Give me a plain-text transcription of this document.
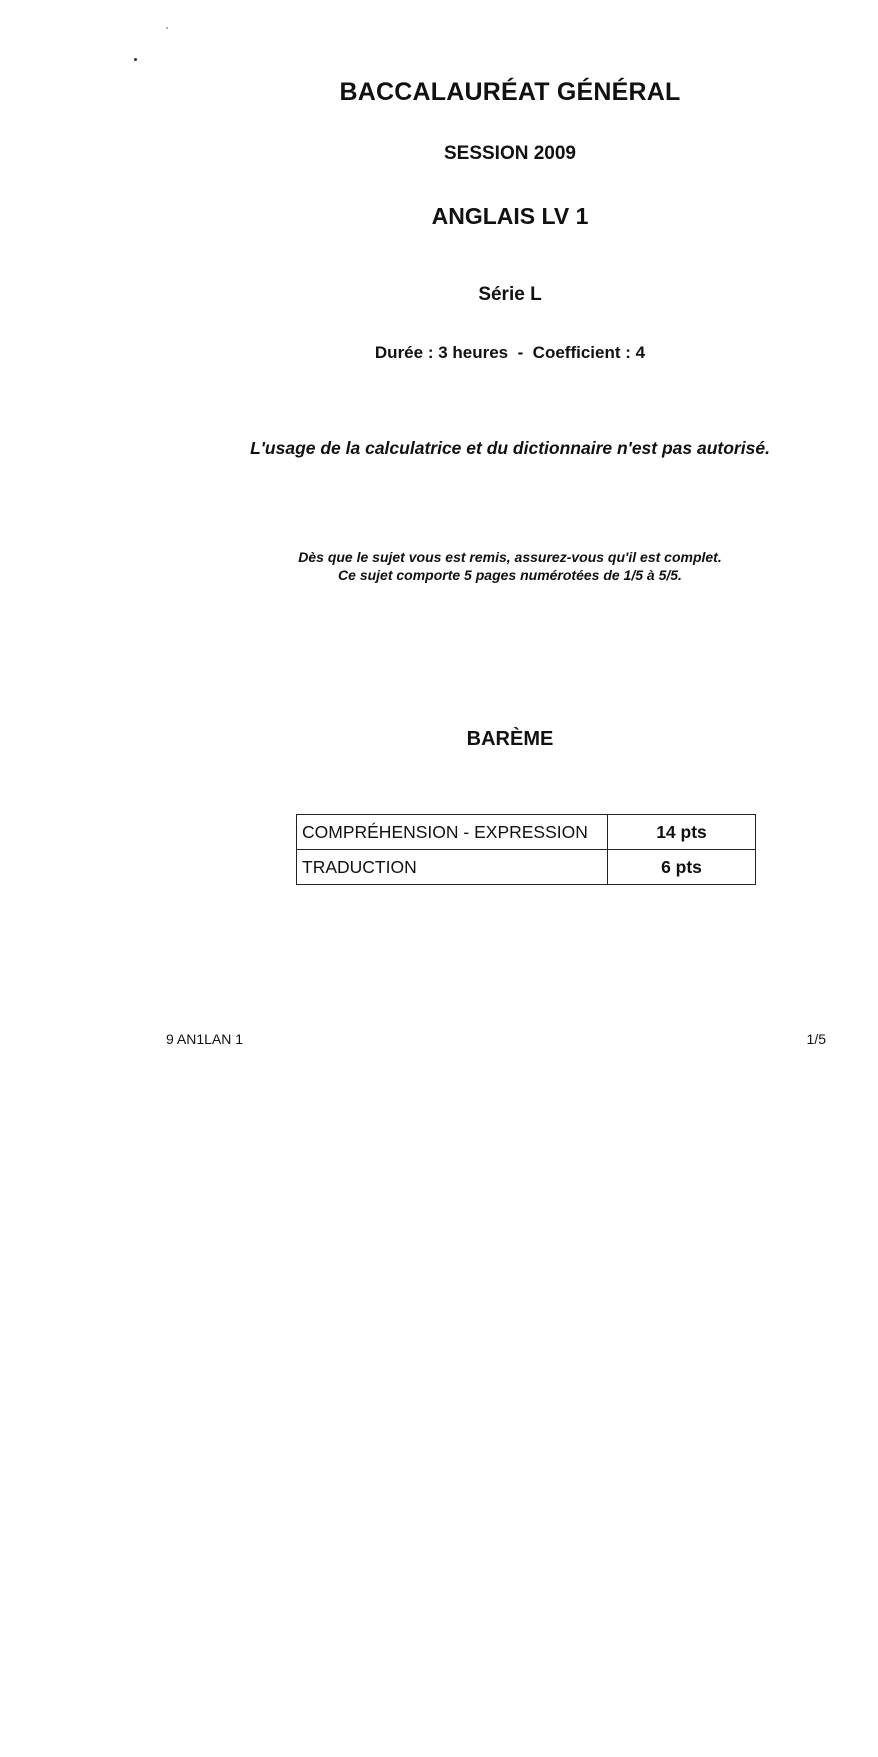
BACCALAURÉAT GÉNÉRAL
SESSION 2009
ANGLAIS LV 1
Série L
Durée : 3 heures  -  Coefficient : 4
L'usage de la calculatrice et du dictionnaire n'est pas autorisé.
Dès que le sujet vous est remis, assurez-vous qu'il est complet.
Ce sujet comporte 5 pages numérotées de 1/5 à 5/5.
BARÈME
COMPRÉHENSION - EXPRESSION	14 pts
TRADUCTION	6 pts
9 AN1LAN 1	1/5
